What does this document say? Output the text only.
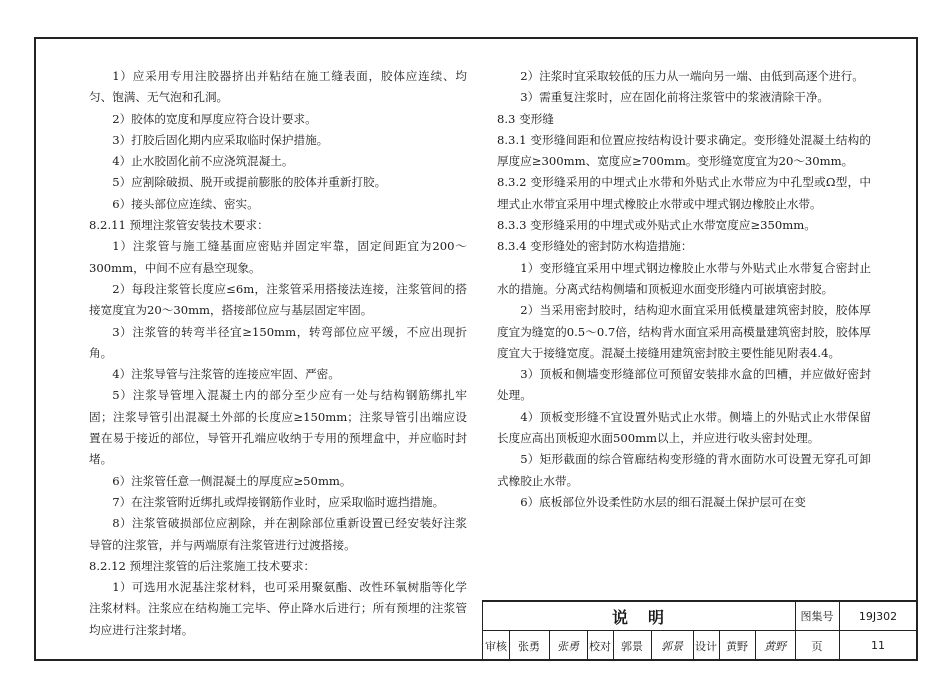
1）应采用专用注胶器挤出并粘结在施工缝表面，胶体应连续、均匀、饱满、无气泡和孔洞。

2）胶体的宽度和厚度应符合设计要求。

3）打胶后固化期内应采取临时保护措施。

4）止水胶固化前不应浇筑混凝土。

5）应割除破损、脱开或提前膨胀的胶体并重新打胶。

6）接头部位应连续、密实。

8.2.11 预埋注浆管安装技术要求：

1）注浆管与施工缝基面应密贴并固定牢靠，固定间距宜为200～300mm，中间不应有悬空现象。

2）每段注浆管长度应≤6m，注浆管采用搭接法连接，注浆管间的搭接宽度宜为20～30mm，搭接部位应与基层固定牢固。

3）注浆管的转弯半径宜≥150mm，转弯部位应平缓，不应出现折角。

4）注浆导管与注浆管的连接应牢固、严密。

5）注浆导管埋入混凝土内的部分至少应有一处与结构钢筋绑扎牢固；注浆导管引出混凝土外部的长度应≥150mm；注浆导管引出端应设置在易于接近的部位，导管开孔端应收纳于专用的预埋盒中，并应临时封堵。

6）注浆管任意一侧混凝土的厚度应≥50mm。

7）在注浆管附近绑扎或焊接钢筋作业时，应采取临时遮挡措施。

8）注浆管破损部位应割除，并在割除部位重新设置已经安装好注浆导管的注浆管，并与两端原有注浆管进行过渡搭接。

8.2.12 预埋注浆管的后注浆施工技术要求：

1）可选用水泥基注浆材料，也可采用聚氨酯、改性环氧树脂等化学注浆材料。注浆应在结构施工完毕、停止降水后进行；所有预埋的注浆管均应进行注浆封堵。

2）注浆时宜采取较低的压力从一端向另一端、由低到高逐个进行。

3）需重复注浆时，应在固化前将注浆管中的浆液清除干净。

8.3 变形缝

8.3.1 变形缝间距和位置应按结构设计要求确定。变形缝处混凝土结构的厚度应≥300mm、宽度应≥700mm。变形缝宽度宜为20～30mm。

8.3.2 变形缝采用的中埋式止水带和外贴式止水带应为中孔型或Ω型，中埋式止水带宜采用中埋式橡胶止水带或中埋式钢边橡胶止水带。

8.3.3 变形缝采用的中埋式或外贴式止水带宽度应≥350mm。

8.3.4 变形缝处的密封防水构造措施：

1）变形缝宜采用中埋式钢边橡胶止水带与外贴式止水带复合密封止水的措施。分离式结构侧墙和顶板迎水面变形缝内可嵌填密封胶。

2）当采用密封胶时，结构迎水面宜采用低模量建筑密封胶，胶体厚度宜为缝宽的0.5～0.7倍，结构背水面宜采用高模量建筑密封胶，胶体厚度宜大于接缝宽度。混凝土接缝用建筑密封胶主要性能见附表4.4。

3）顶板和侧墙变形缝部位可预留安装排水盒的凹槽，并应做好密封处理。

4）顶板变形缝不宜设置外贴式止水带。侧墙上的外贴式止水带保留长度应高出顶板迎水面500mm以上，并应进行收头密封处理。

5）矩形截面的综合管廊结构变形缝的背水面防水可设置无穿孔可卸式橡胶止水带。

6）底板部位外设柔性防水层的细石混凝土保护层可在变

说　明	图集号	19J302
审核	张勇	张勇 校对 郭景	郭景	设计 黄野	黄野	页	11
